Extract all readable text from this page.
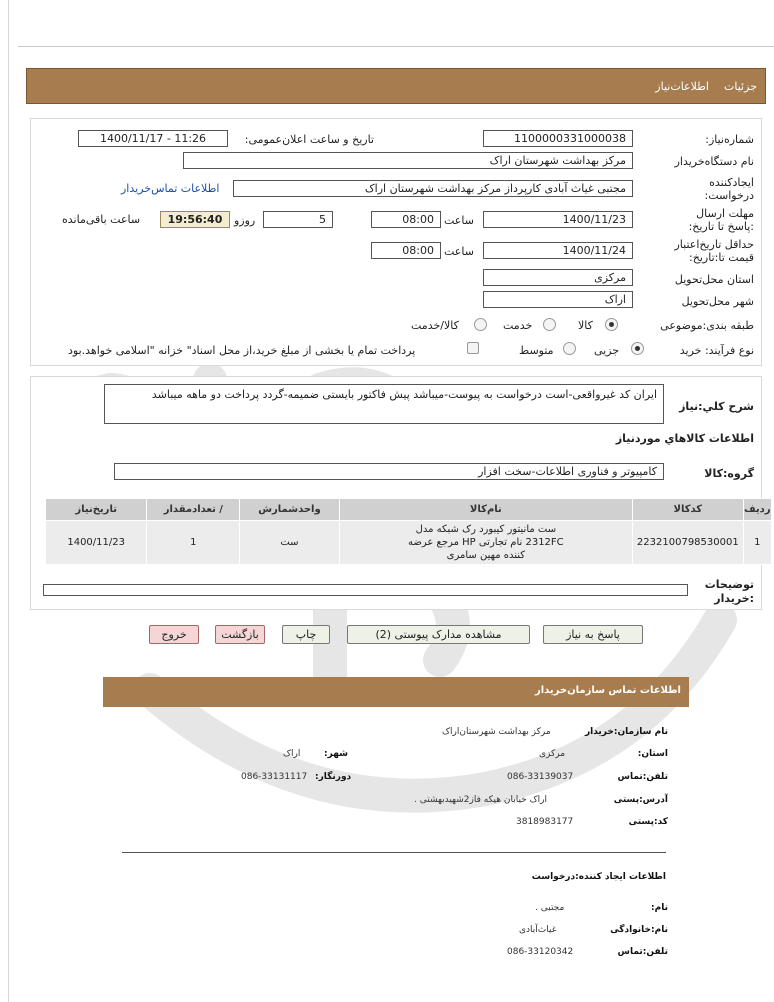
جزئیات
اطلاعات‌نیاز
شماره‌نیاز:
1100000331000038
تاریخ و ساعت اعلان‌عمومی:
1400/11/17 - 11:26
نام دستگاه‌خریدار
مرکز بهداشت شهرستان اراک
ایجادکننده درخواست:
مجتبی غیاث آبادی کارپرداز مرکز بهداشت شهرستان اراک
اطلاعات تماس‌خریدار
مهلت ارسال :پاسخ تا تاریخ:
1400/11/23
ساعت
08:00
5
روزو
19:56:40
ساعت باقی‌مانده
حداقل تاریخ‌اعتبار قیمت تا:تاریخ:
1400/11/24
ساعت
08:00
استان محل‌تحویل
مرکزی
شهر محل‌تحویل
اراک
طبقه بندی:موضوعی
کالا
خدمت
کالا/خدمت
نوع فرآیند: خرید
جزیی
متوسط
پرداخت تمام یا بخشی از مبلغ خرید،از محل اسناد" خزانه "اسلامی خواهد.بود
شرح کلي:نیاز
ایران کد غیرواقعی-است درخواست به پیوست-میباشد پیش فاکتور بایستی ضمیمه-گردد پرداخت دو ماهه میباشد
اطلاعات کالاهاي موردنیاز
گروه:کالا
کامپیوتر و فناوری اطلاعات-سخت افزار
ردیف	کدکالا	نام‌کالا	واحدشمارش	/ تعدادمقدار	تاریخ‌نیاز
1	2232100798530001	ست مانیتور کیبورد رک شبکه مدل 2312FC نام تجارتی HP مرجع عرضه کننده مهین سامری	ست	1	1400/11/23
توضیحات :خریدار
پاسخ به نیاز
مشاهده مدارک پیوستی (2)
چاپ
بازگشت
خروج
اطلاعات تماس سازمان‌خریدار
نام سازمان:خریدار
مرکز بهداشت شهرستان‌اراک
استان:
مرکزی
شهر:
اراک
تلفن:تماس
086-33139037
دورنگار:
086-33131117
آدرس:پستی
اراک خیابان هیکه فاز2شهیدبهشتی .
کد:پستی
3818983177
اطلاعات ایجاد کننده:درخواست
نام:
مجتبی .
نام:خانوادگی
غیاث‌آبادی
تلفن:تماس
086-33120342
